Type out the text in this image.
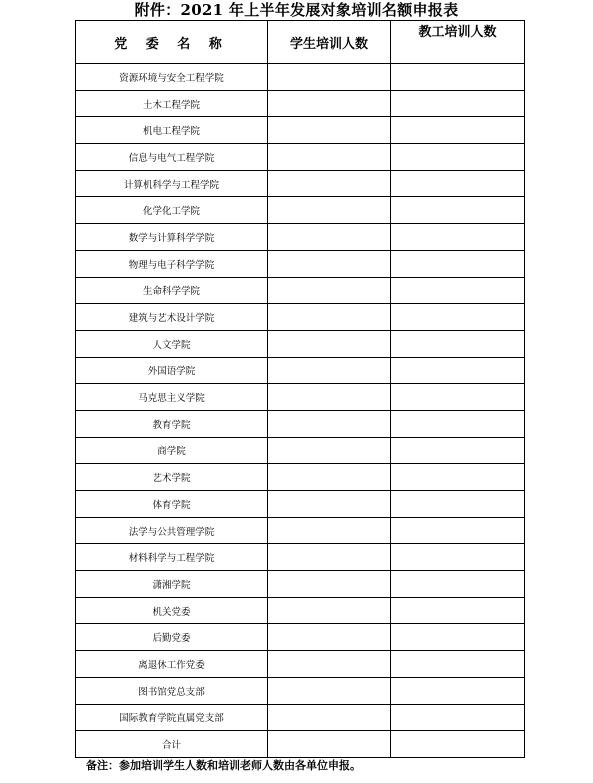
附件：2021 年上半年发展对象培训名额申报表
党 委 名 称	学生培训人数	教工培训人数
资源环境与安全工程学院		
土木工程学院		
机电工程学院		
信息与电气工程学院		
计算机科学与工程学院		
化学化工学院		
数学与计算科学学院		
物理与电子科学学院		
生命科学学院		
建筑与艺术设计学院		
人文学院		
外国语学院		
马克思主义学院		
教育学院		
商学院		
艺术学院		
体育学院		
法学与公共管理学院		
材料科学与工程学院		
潇湘学院		
机关党委		
后勤党委		
离退休工作党委		
图书馆党总支部		
国际教育学院直属党支部		
合计		
备注：参加培训学生人数和培训老师人数由各单位申报。
